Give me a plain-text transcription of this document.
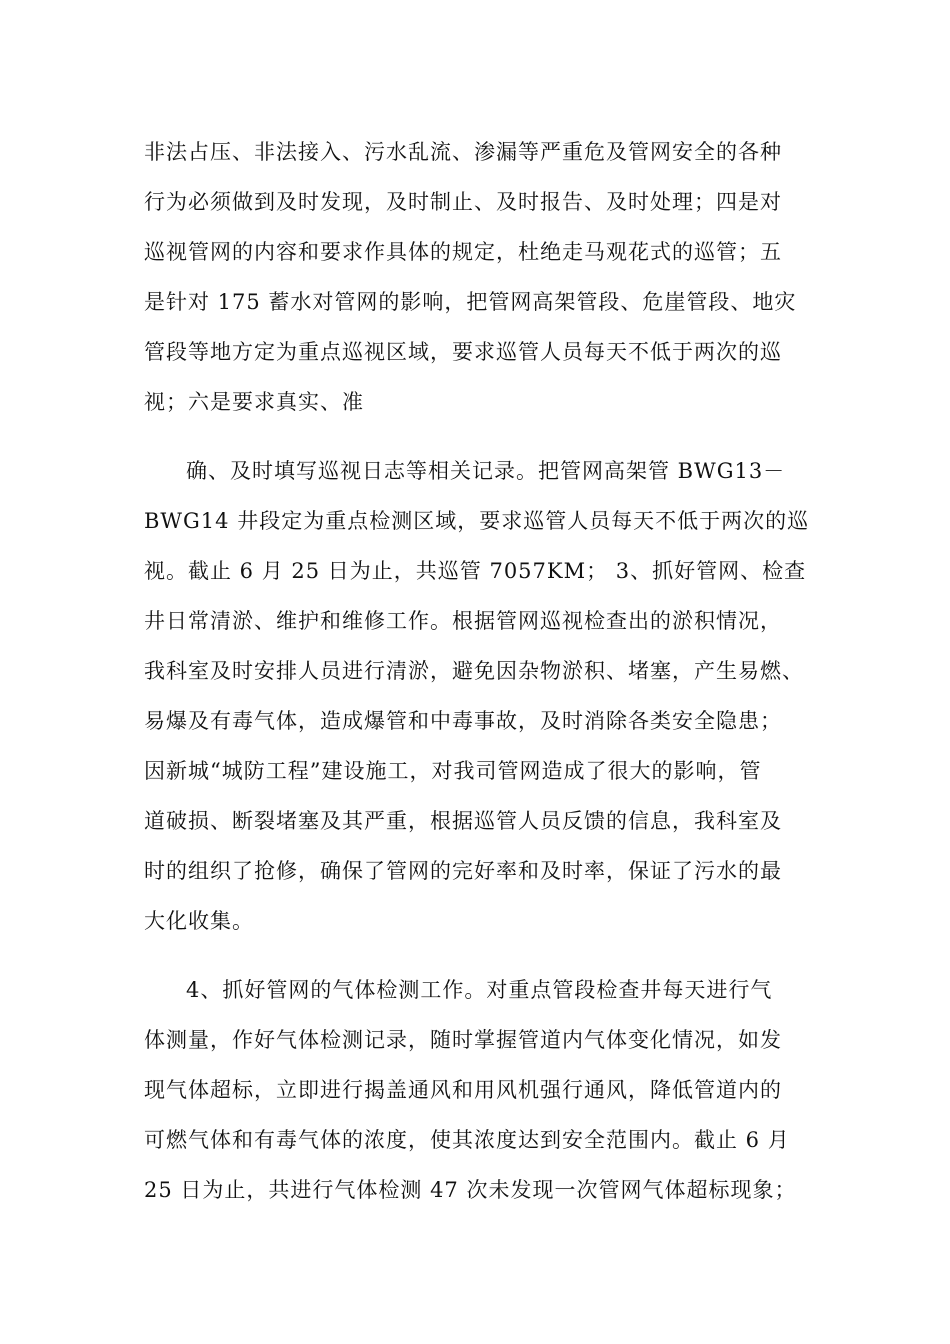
非法占压、非法接入、污水乱流、渗漏等严重危及管网安全的各种
行为必须做到及时发现，及时制止、及时报告、及时处理；四是对
巡视管网的内容和要求作具体的规定，杜绝走马观花式的巡管；五
是针对 175 蓄水对管网的影响，把管网高架管段、危崖管段、地灾
管段等地方定为重点巡视区域，要求巡管人员每天不低于两次的巡
视；六是要求真实、准
确、及时填写巡视日志等相关记录。把管网高架管 BWG13－
BWG14 井段定为重点检测区域，要求巡管人员每天不低于两次的巡
视。截止 6 月 25 日为止，共巡管 7057KM； 3、抓好管网、检查
井日常清淤、维护和维修工作。根据管网巡视检查出的淤积情况，
我科室及时安排人员进行清淤，避免因杂物淤积、堵塞，产生易燃、
易爆及有毒气体，造成爆管和中毒事故，及时消除各类安全隐患；
因新城“城防工程”建设施工，对我司管网造成了很大的影响，管
道破损、断裂堵塞及其严重，根据巡管人员反馈的信息，我科室及
时的组织了抢修，确保了管网的完好率和及时率，保证了污水的最
大化收集。
4、抓好管网的气体检测工作。对重点管段检查井每天进行气
体测量，作好气体检测记录，随时掌握管道内气体变化情况，如发
现气体超标，立即进行揭盖通风和用风机强行通风，降低管道内的
可燃气体和有毒气体的浓度，使其浓度达到安全范围内。截止 6 月
25 日为止，共进行气体检测 47 次未发现一次管网气体超标现象；
